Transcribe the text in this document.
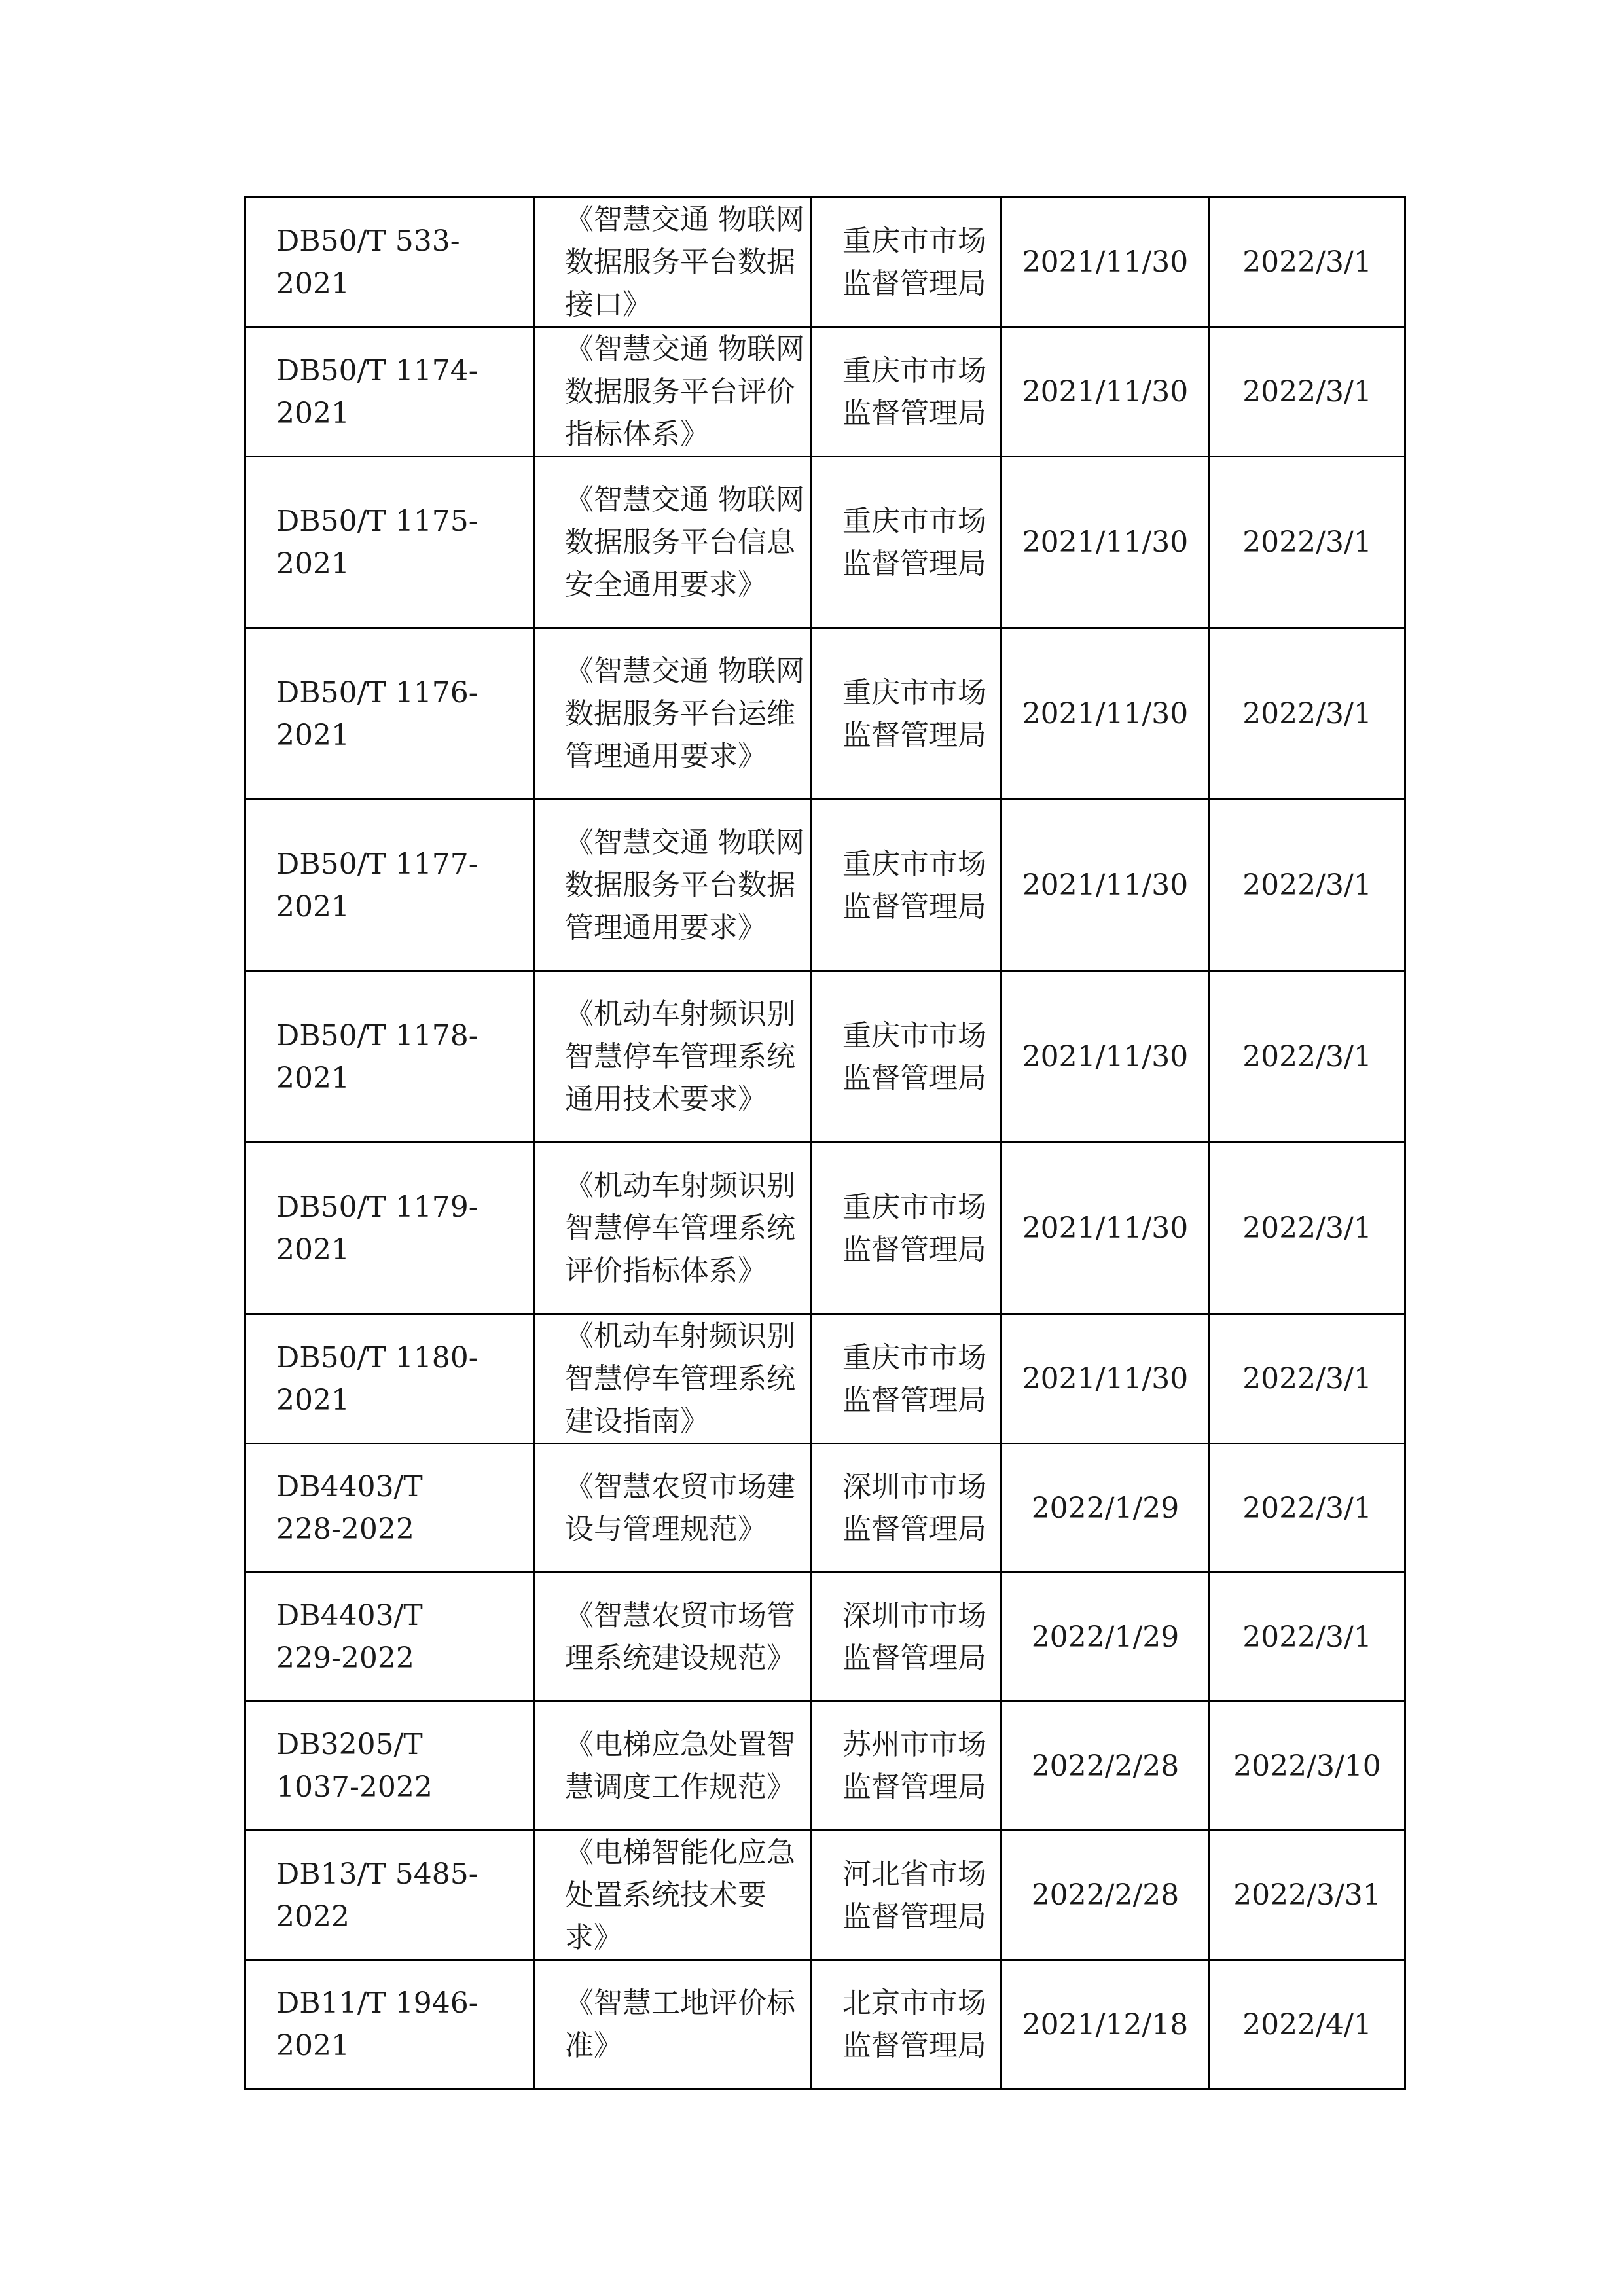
DB50/T 533-2021	《智慧交通 物联网数据服务平台数据接口》	重庆市市场监督管理局	2021/11/30	2022/3/1

DB50/T 1174-2021	《智慧交通 物联网数据服务平台评价指标体系》	重庆市市场监督管理局	2021/11/30	2022/3/1

DB50/T 1175-2021	《智慧交通 物联网数据服务平台信息安全通用要求》	重庆市市场监督管理局	2021/11/30	2022/3/1

DB50/T 1176-2021	《智慧交通 物联网数据服务平台运维管理通用要求》	重庆市市场监督管理局	2021/11/30	2022/3/1

DB50/T 1177-2021	《智慧交通 物联网数据服务平台数据管理通用要求》	重庆市市场监督管理局	2021/11/30	2022/3/1

DB50/T 1178-2021	《机动车射频识别 智慧停车管理系统 通用技术要求》	重庆市市场监督管理局	2021/11/30	2022/3/1

DB50/T 1179-2021	《机动车射频识别 智慧停车管理系统 评价指标体系》	重庆市市场监督管理局	2021/11/30	2022/3/1

DB50/T 1180-2021	《机动车射频识别智慧停车管理系统建设指南》	重庆市市场监督管理局	2021/11/30	2022/3/1

DB4403/T
228-2022	《智慧农贸市场建设与管理规范》	深圳市市场监督管理局	2022/1/29	2022/3/1

DB4403/T
229-2022	《智慧农贸市场管理系统建设规范》	深圳市市场监督管理局	2022/1/29	2022/3/1

DB3205/T
1037-2022	《电梯应急处置智慧调度工作规范》	苏州市市场监督管理局	2022/2/28	2022/3/10

DB13/T 5485-2022	《电梯智能化应急处置系统技术要求》	河北省市场监督管理局	2022/2/28	2022/3/31

DB11/T 1946-2021	《智慧工地评价标准》	北京市市场监督管理局	2021/12/18	2022/4/1
